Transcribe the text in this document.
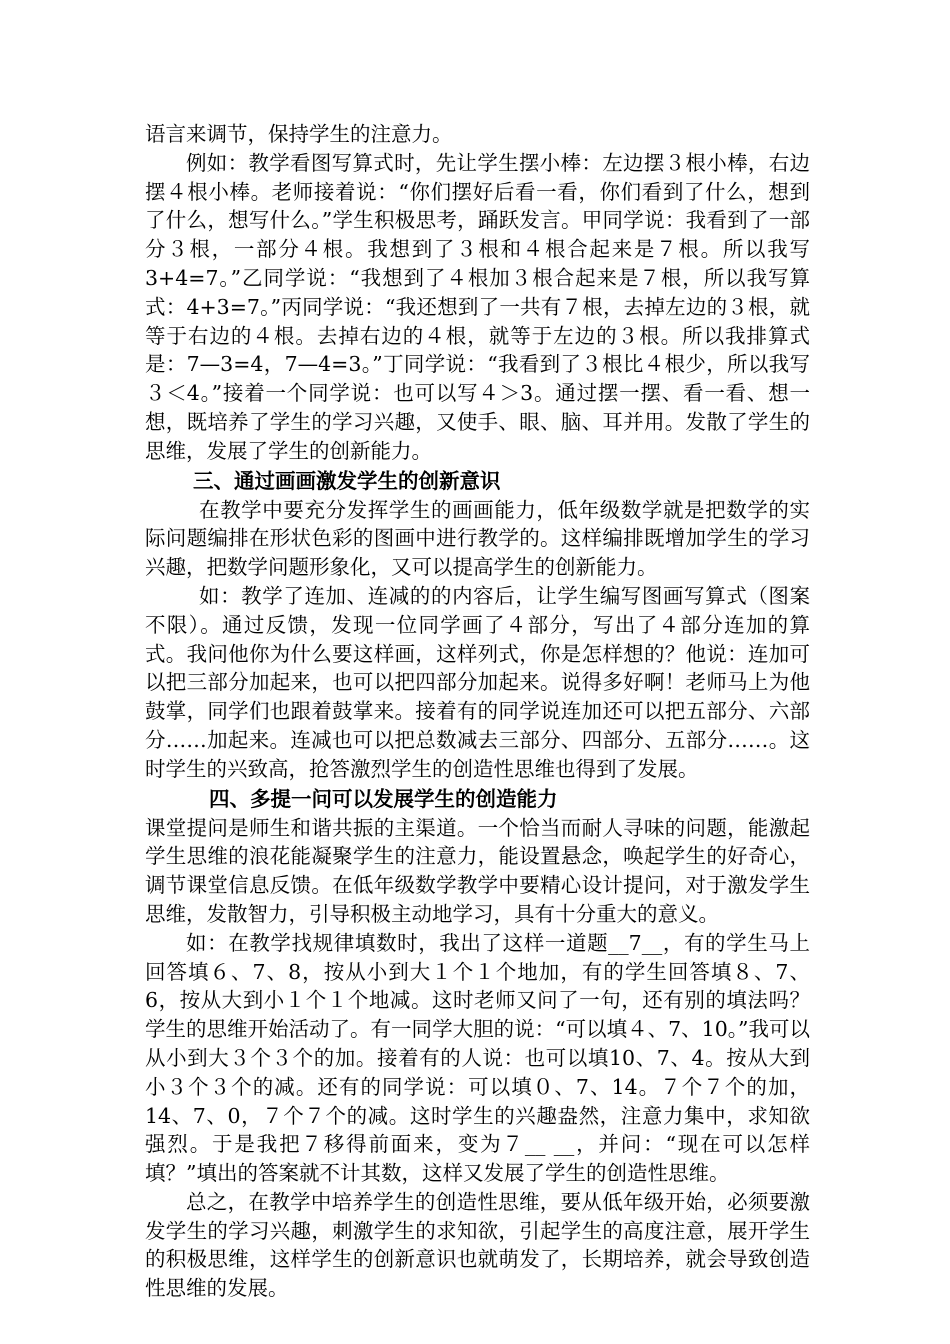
语言来调节，保持学生的注意力。

例如：教学看图写算式时，先让学生摆小棒：左边摆３根小棒，右边摆４根小棒。老师接着说：“你们摆好后看一看，你们看到了什么，想到了什么，想写什么。”学生积极思考，踊跃发言。甲同学说：我看到了一部分３根，一部分４根。我想到了３根和４根合起来是７根。所以我写3+4=7。”乙同学说：“我想到了４根加３根合起来是７根，所以我写算式：4+3=7。”丙同学说：“我还想到了一共有７根，去掉左边的３根，就等于右边的４根。去掉右边的４根，就等于左边的３根。所以我排算式是：7—3=4，7—4=3。”丁同学说：“我看到了３根比４根少，所以我写３＜4。”接着一个同学说：也可以写４＞3。通过摆一摆、看一看、想一想，既培养了学生的学习兴趣，又使手、眼、脑、耳并用。发散了学生的思维，发展了学生的创新能力。

三、通过画画激发学生的创新意识

在教学中要充分发挥学生的画画能力，低年级数学就是把数学的实际问题编排在形状色彩的图画中进行教学的。这样编排既增加学生的学习兴趣，把数学问题形象化，又可以提高学生的创新能力。

如：教学了连加、连减的的内容后，让学生编写图画写算式（图案不限）。通过反馈，发现一位同学画了４部分，写出了４部分连加的算式。我问他你为什么要这样画，这样列式，你是怎样想的？他说：连加可以把三部分加起来，也可以把四部分加起来。说得多好啊！老师马上为他鼓掌，同学们也跟着鼓掌来。接着有的同学说连加还可以把五部分、六部分……加起来。连减也可以把总数减去三部分、四部分、五部分……。这时学生的兴致高，抢答激烈学生的创造性思维也得到了发展。

四、多提一问可以发展学生的创造能力

课堂提问是师生和谐共振的主渠道。一个恰当而耐人寻味的问题，能激起学生思维的浪花能凝聚学生的注意力，能设置悬念，唤起学生的好奇心，调节课堂信息反馈。在低年级数学教学中要精心设计提问，对于激发学生思维，发散智力，引导积极主动地学习，具有十分重大的意义。

如：在教学找规律填数时，我出了这样一道题__7__，有的学生马上回答填６、7、8，按从小到大１个１个地加，有的学生回答填８、7、6，按从大到小１个１个地减。这时老师又问了一句，还有别的填法吗？学生的思维开始活动了。有一同学大胆的说：“可以填４、7、10。”我可以从小到大３个３个的加。接着有的人说：也可以填10、7、4。按从大到小３个３个的减。还有的同学说：可以填０、7、14。７个７个的加，14、7、0，７个７个的减。这时学生的兴趣盎然，注意力集中，求知欲强烈。于是我把７移得前面来，变为７__ __，并问：“现在可以怎样填？”填出的答案就不计其数，这样又发展了学生的创造性思维。

总之，在教学中培养学生的创造性思维，要从低年级开始，必须要激发学生的学习兴趣，刺激学生的求知欲，引起学生的高度注意，展开学生的积极思维，这样学生的创新意识也就萌发了，长期培养，就会导致创造性思维的发展。
